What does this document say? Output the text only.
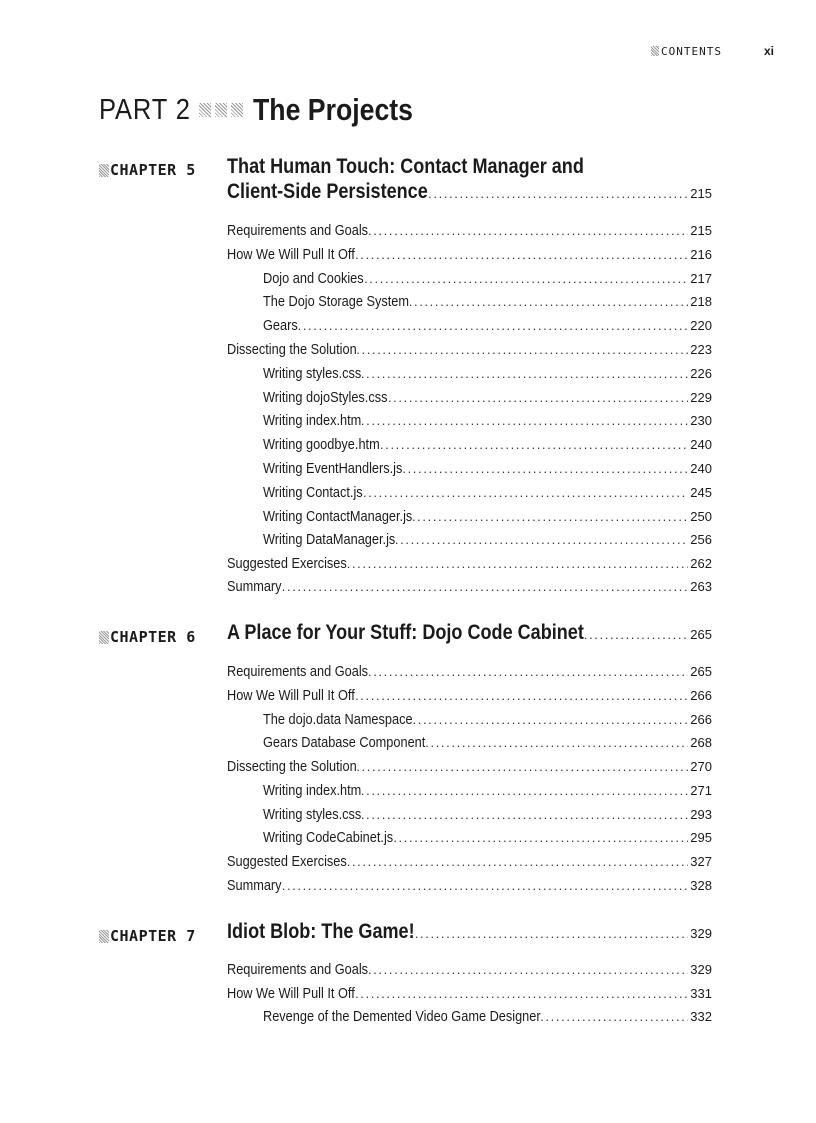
CONTENTS	xi
PART 2 The Projects
CHAPTER 5 That Human Touch: Contact Manager and
Client-Side Persistence . . .	215
Requirements and Goals . . .	215
How We Will Pull It Off . . .	216
Dojo and Cookies . . .	217
The Dojo Storage System . . .	218
Gears . . .	220
Dissecting the Solution . . .	223
Writing styles.css . . .	226
Writing dojoStyles.css . . .	229
Writing index.htm . . .	230
Writing goodbye.htm . . .	240
Writing EventHandlers.js . . .	240
Writing Contact.js . . .	245
Writing ContactManager.js . . .	250
Writing DataManager.js . . .	256
Suggested Exercises . . .	262
Summary . . .	263
CHAPTER 6 A Place for Your Stuff: Dojo Code Cabinet . . .	265
Requirements and Goals . . .	265
How We Will Pull It Off . . .	266
The dojo.data Namespace . . .	266
Gears Database Component . . .	268
Dissecting the Solution . . .	270
Writing index.htm . . .	271
Writing styles.css . . .	293
Writing CodeCabinet.js . . .	295
Suggested Exercises . . .	327
Summary . . .	328
CHAPTER 7 Idiot Blob: The Game! . . .	329
Requirements and Goals . . .	329
How We Will Pull It Off . . .	331
Revenge of the Demented Video Game Designer . . .	332
